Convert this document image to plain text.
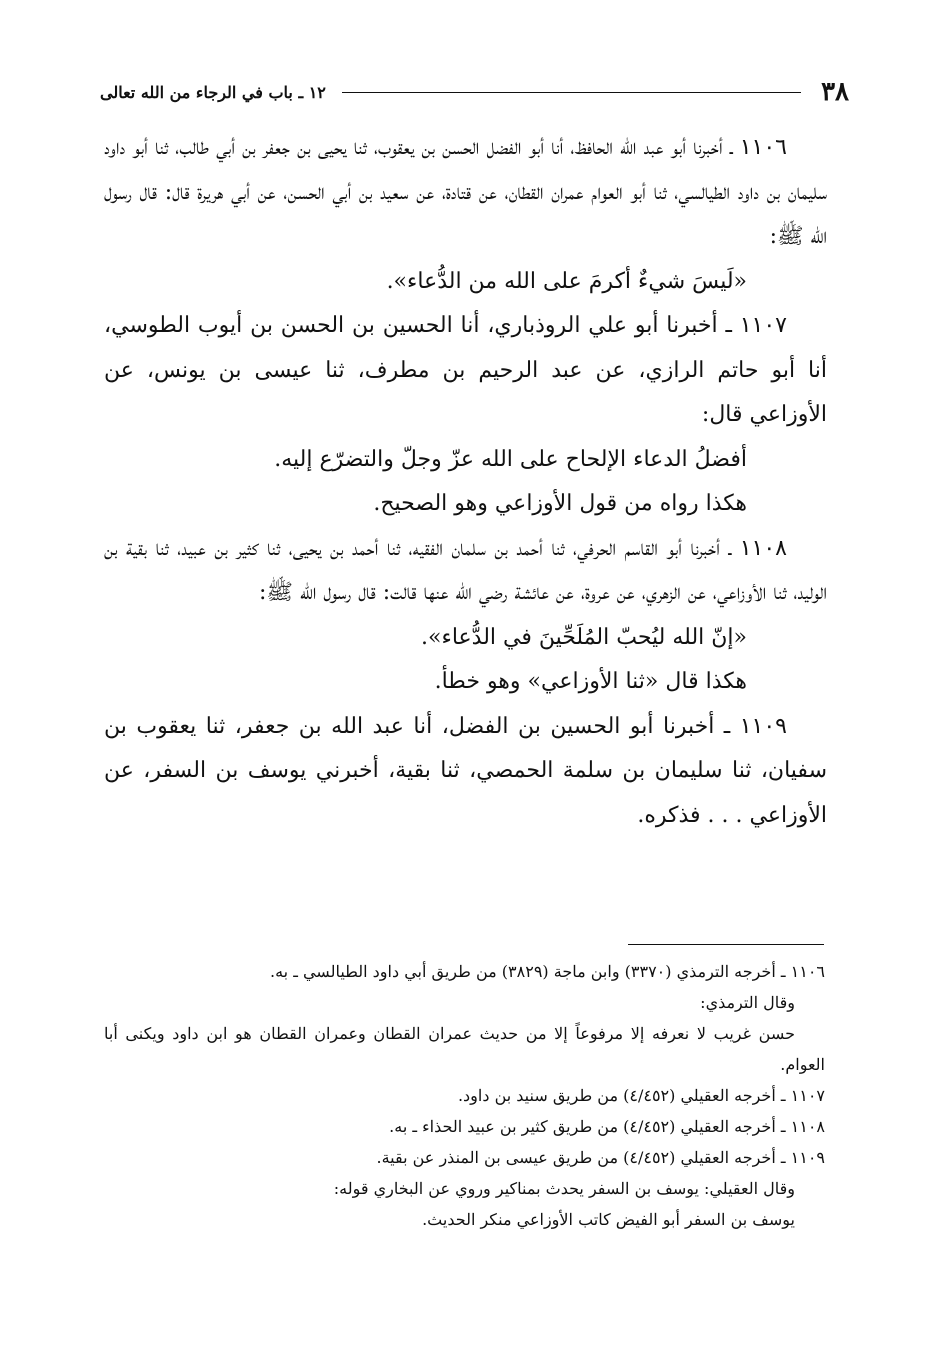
٣٨
١٢ ـ باب في الرجاء من الله تعالى

١١٠٦ ـ أخبرنا أبو عبد الله الحافظ، أنا أبو الفضل الحسن بن يعقوب، ثنا يحيى بن جعفر بن أبي طالب، ثنا أبو داود سليمان بن داود الطيالسي، ثنا أبو العوام عمران القطان، عن قتادة، عن سعيد بن أبي الحسن، عن أبي هريرة قال: قال رسول الله ﷺ:

«لَيسَ شيءٌ أكرمَ على الله من الدُّعاء».

١١٠٧ ـ أخبرنا أبو علي الروذباري، أنا الحسين بن الحسن بن أيوب الطوسي، أنا أبو حاتم الرازي، عن عبد الرحيم بن مطرف، ثنا عيسى بن يونس، عن الأوزاعي قال:

أفضلُ الدعاء الإلحاح على الله عزّ وجلّ والتضرّع إليه.

هكذا رواه من قول الأوزاعي وهو الصحيح.

١١٠٨ ـ أخبرنا أبو القاسم الحرفي، ثنا أحمد بن سلمان الفقيه، ثنا أحمد بن يحيى، ثنا كثير بن عبيد، ثنا بقية بن الوليد، ثنا الأوزاعي، عن الزهري، عن عروة، عن عائشة رضي الله عنها قالت: قال رسول الله ﷺ:

«إنّ الله ليُحبّ المُلَحِّينَ في الدُّعاء».

هكذا قال «ثنا الأوزاعي» وهو خطأ.

١١٠٩ ـ أخبرنا أبو الحسين بن الفضل، أنا عبد الله بن جعفر، ثنا يعقوب بن سفيان، ثنا سليمان بن سلمة الحمصي، ثنا بقية، أخبرني يوسف بن السفر، عن الأوزاعي . . . فذكره.

١١٠٦ ـ أخرجه الترمذي (٣٣٧٠) وابن ماجة (٣٨٢٩) من طريق أبي داود الطيالسي ـ به.

وقال الترمذي:

حسن غريب لا نعرفه إلا مرفوعاً إلا من حديث عمران القطان وعمران القطان هو ابن داود ويكنى أبا العوام.

١١٠٧ ـ أخرجه العقيلي (٤/٤٥٢) من طريق سنيد بن داود.

١١٠٨ ـ أخرجه العقيلي (٤/٤٥٢) من طريق كثير بن عبيد الحذاء ـ به.

١١٠٩ ـ أخرجه العقيلي (٤/٤٥٢) من طريق عيسى بن المنذر عن بقية.

وقال العقيلي: يوسف بن السفر يحدث بمناكير وروي عن البخاري قوله:

يوسف بن السفر أبو الفيض كاتب الأوزاعي منكر الحديث.
